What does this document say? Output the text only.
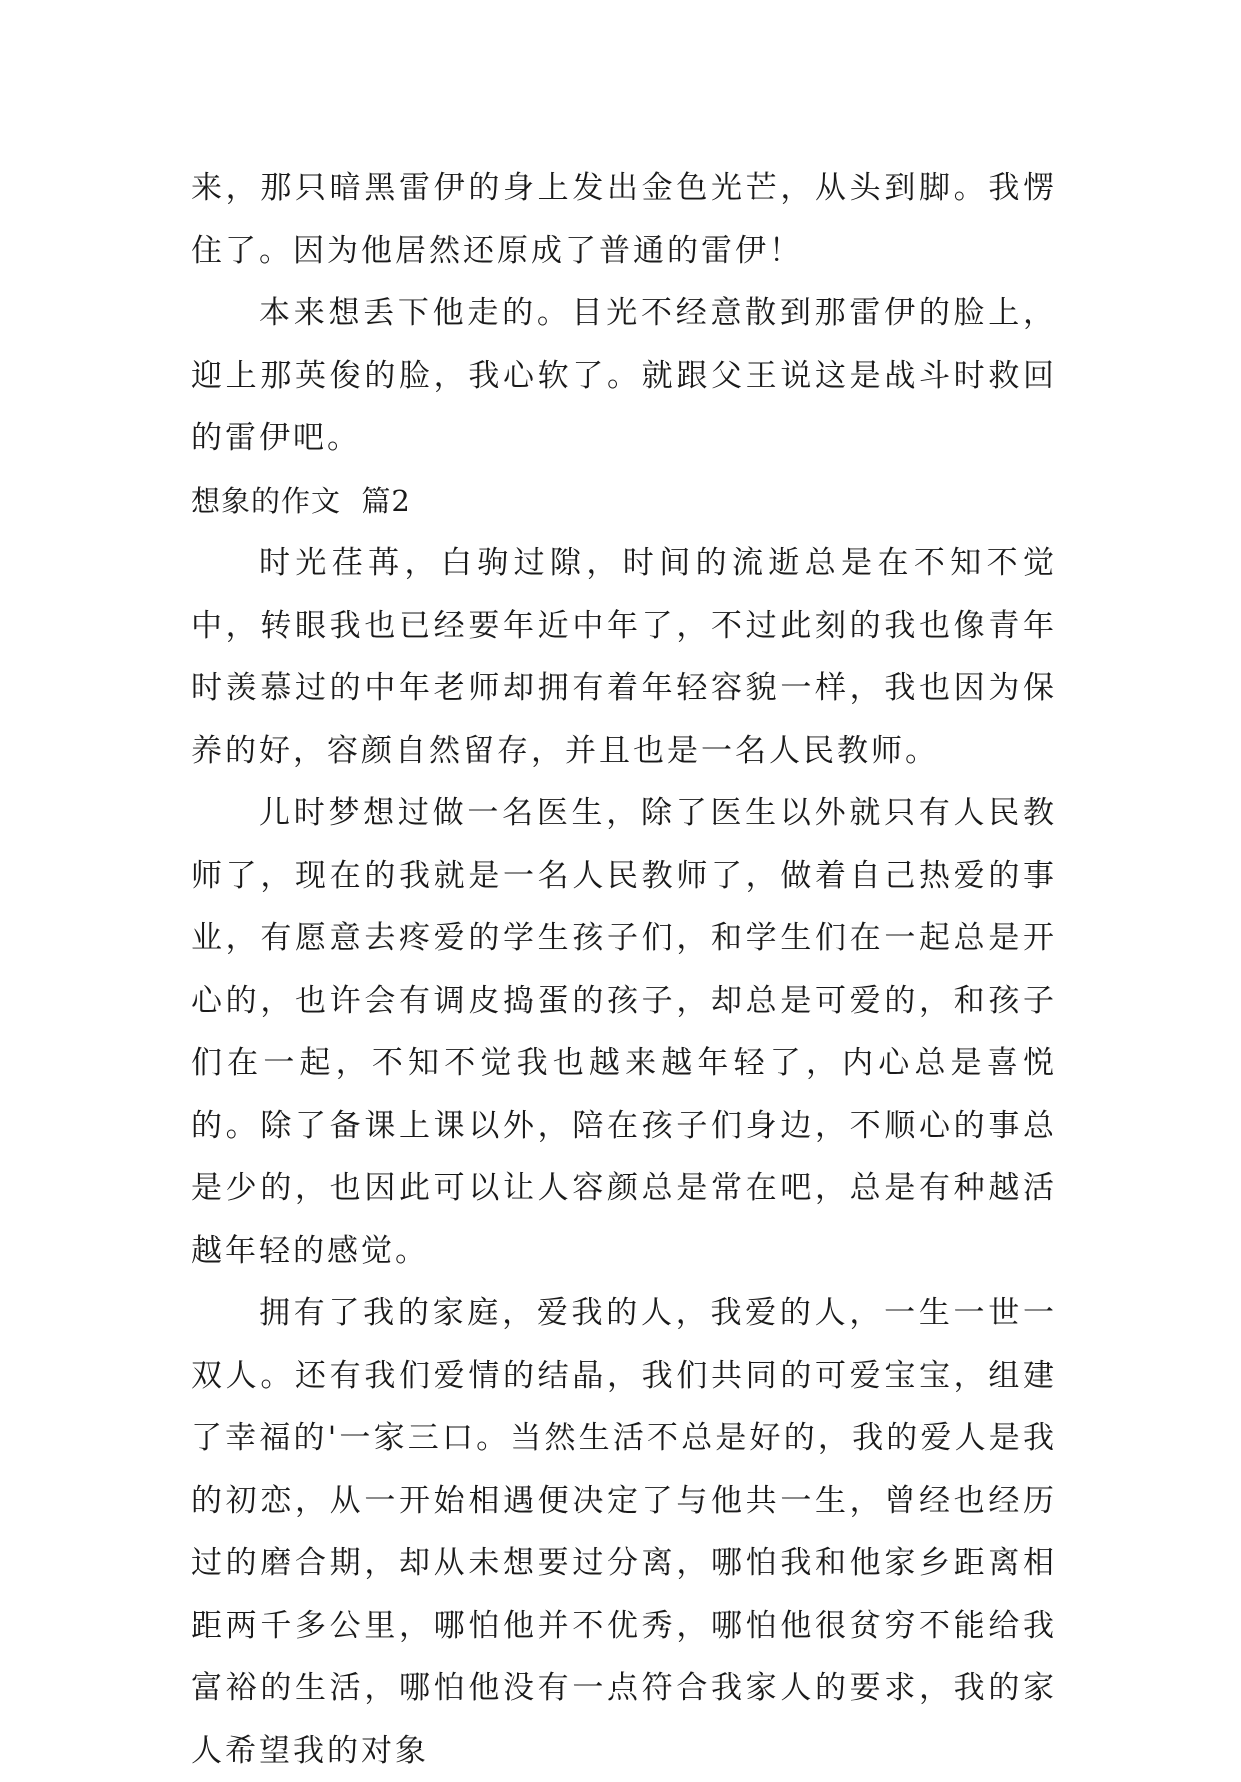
来，那只暗黑雷伊的身上发出金色光芒，从头到脚。我愣住了。因为他居然还原成了普通的雷伊！

本来想丢下他走的。目光不经意散到那雷伊的脸上，迎上那英俊的脸，我心软了。就跟父王说这是战斗时救回的雷伊吧。

想象的作文  篇2

时光荏苒，白驹过隙，时间的流逝总是在不知不觉中，转眼我也已经要年近中年了，不过此刻的我也像青年时羡慕过的中年老师却拥有着年轻容貌一样，我也因为保养的好，容颜自然留存，并且也是一名人民教师。

儿时梦想过做一名医生，除了医生以外就只有人民教师了，现在的我就是一名人民教师了，做着自己热爱的事业，有愿意去疼爱的学生孩子们，和学生们在一起总是开心的，也许会有调皮捣蛋的孩子，却总是可爱的，和孩子们在一起，不知不觉我也越来越年轻了，内心总是喜悦的。除了备课上课以外，陪在孩子们身边，不顺心的事总是少的，也因此可以让人容颜总是常在吧，总是有种越活越年轻的感觉。

拥有了我的家庭，爱我的人，我爱的人，一生一世一双人。还有我们爱情的结晶，我们共同的可爱宝宝，组建了幸福的'一家三口。当然生活不总是好的，我的爱人是我的初恋，从一开始相遇便决定了与他共一生，曾经也经历过的磨合期，却从未想要过分离，哪怕我和他家乡距离相距两千多公里，哪怕他并不优秀，哪怕他很贫穷不能给我富裕的生活，哪怕他没有一点符合我家人的要求，我的家人希望我的对象
